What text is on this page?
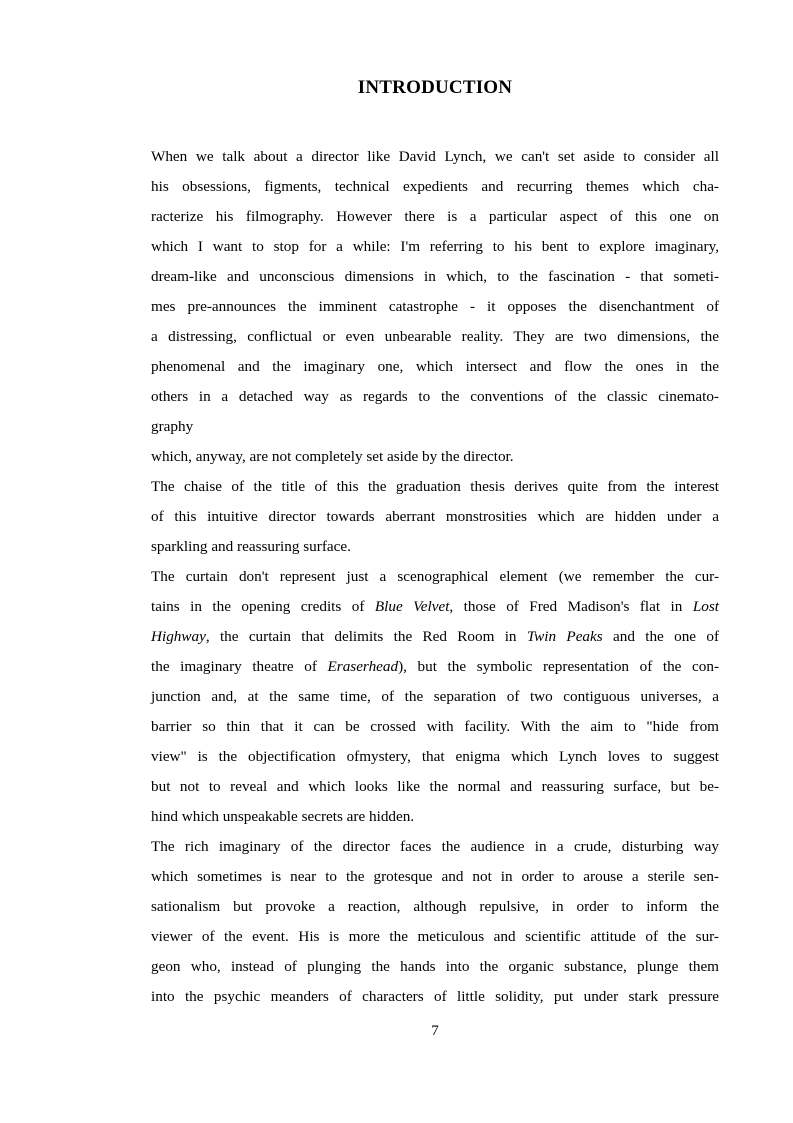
INTRODUCTION
When we talk about a director like David Lynch, we can't set aside to consider all
his obsessions, figments, technical expedients and recurring themes which cha-
racterize his filmography. However there is a particular aspect of this one on
which I want to stop for a while: I'm referring to his bent to explore imaginary,
dream-like and unconscious dimensions in which, to the fascination - that someti-
mes pre-announces the imminent catastrophe - it opposes the disenchantment of
a distressing, conflictual or even unbearable reality. They are two dimensions, the
phenomenal and the imaginary one, which intersect and flow the ones in the
others in a detached way as regards to the conventions of the classic cinemato-
graphy
which, anyway, are not completely set aside by the director.
The chaise of the title of this the graduation thesis derives quite from the interest
of this intuitive director towards aberrant monstrosities which are hidden under a
sparkling and reassuring surface.
The curtain don't represent just a scenographical element (we remember the cur-
tains in the opening credits of Blue Velvet, those of Fred Madison's flat in Lost
Highway, the curtain that delimits the Red Room in Twin Peaks and the one of
the imaginary theatre of Eraserhead), but the symbolic representation of the con-
junction and, at the same time, of the separation of two contiguous universes, a
barrier so thin that it can be crossed with facility. With the aim to "hide from
view" is the objectification ofmystery, that enigma which Lynch loves to suggest
but not to reveal and which looks like the normal and reassuring surface, but be-
hind which unspeakable secrets are hidden.
The rich imaginary of the director faces the audience in a crude, disturbing way
which sometimes is near to the grotesque and not in order to arouse a sterile sen-
sationalism but provoke a reaction, although repulsive, in order to inform the
viewer of the event. His is more the meticulous and scientific attitude of the sur-
geon who, instead of plunging the hands into the organic substance, plunge them
into the psychic meanders of characters of little solidity, put under stark pressure
7
